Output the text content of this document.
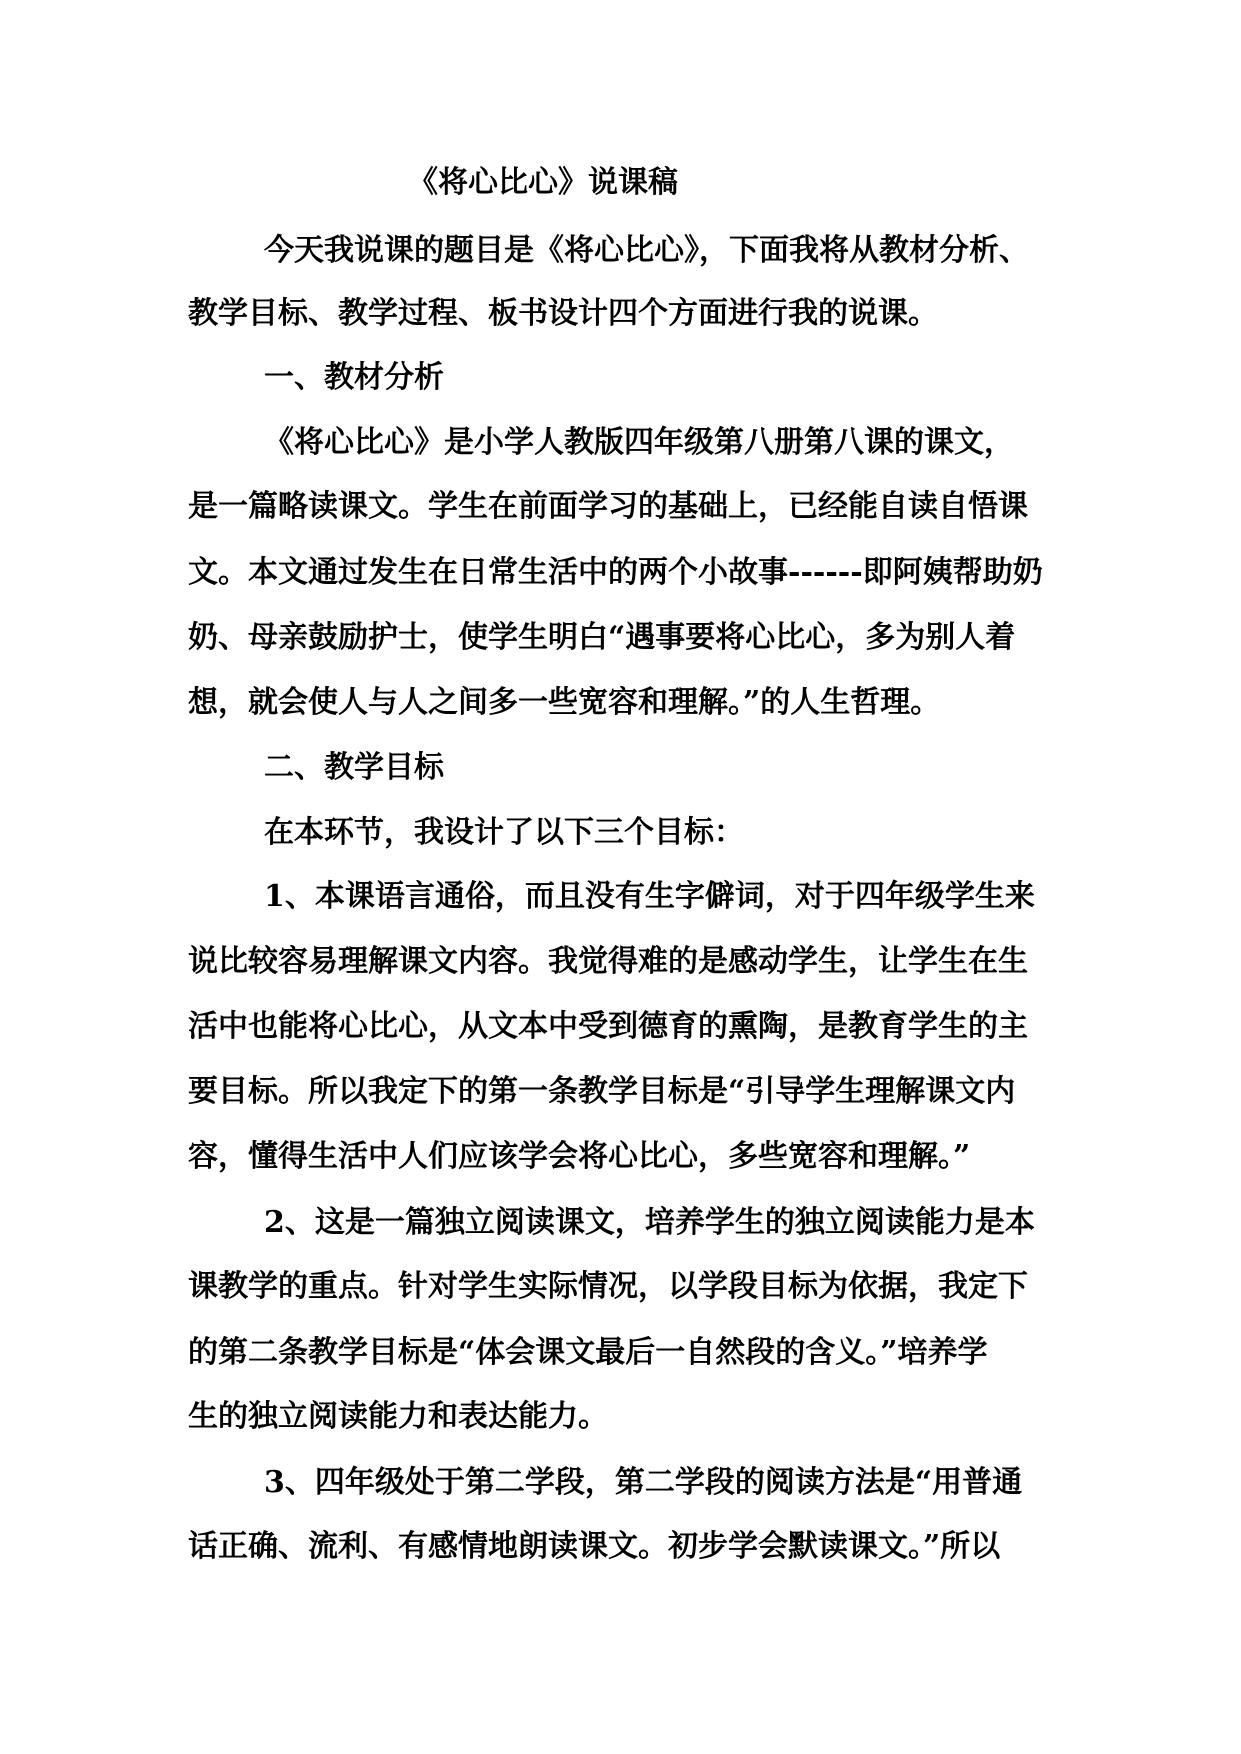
《将心比心》说课稿
今天我说课的题目是《将心比心》，下面我将从教材分析、
教学目标、教学过程、板书设计四个方面进行我的说课。
一、教材分析
《将心比心》是小学人教版四年级第八册第八课的课文，
是一篇略读课文。学生在前面学习的基础上，已经能自读自悟课
文。本文通过发生在日常生活中的两个小故事------即阿姨帮助奶
奶、母亲鼓励护士，使学生明白“遇事要将心比心，多为别人着
想，就会使人与人之间多一些宽容和理解。”的人生哲理。
二、教学目标
在本环节，我设计了以下三个目标：
1、本课语言通俗，而且没有生字僻词，对于四年级学生来
说比较容易理解课文内容。我觉得难的是感动学生，让学生在生
活中也能将心比心，从文本中受到德育的熏陶，是教育学生的主
要目标。所以我定下的第一条教学目标是“引导学生理解课文内
容，懂得生活中人们应该学会将心比心，多些宽容和理解。”
2、这是一篇独立阅读课文，培养学生的独立阅读能力是本
课教学的重点。针对学生实际情况，以学段目标为依据，我定下
的第二条教学目标是“体会课文最后一自然段的含义。”培养学
生的独立阅读能力和表达能力。
3、四年级处于第二学段，第二学段的阅读方法是“用普通
话正确、流利、有感情地朗读课文。初步学会默读课文。”所以
